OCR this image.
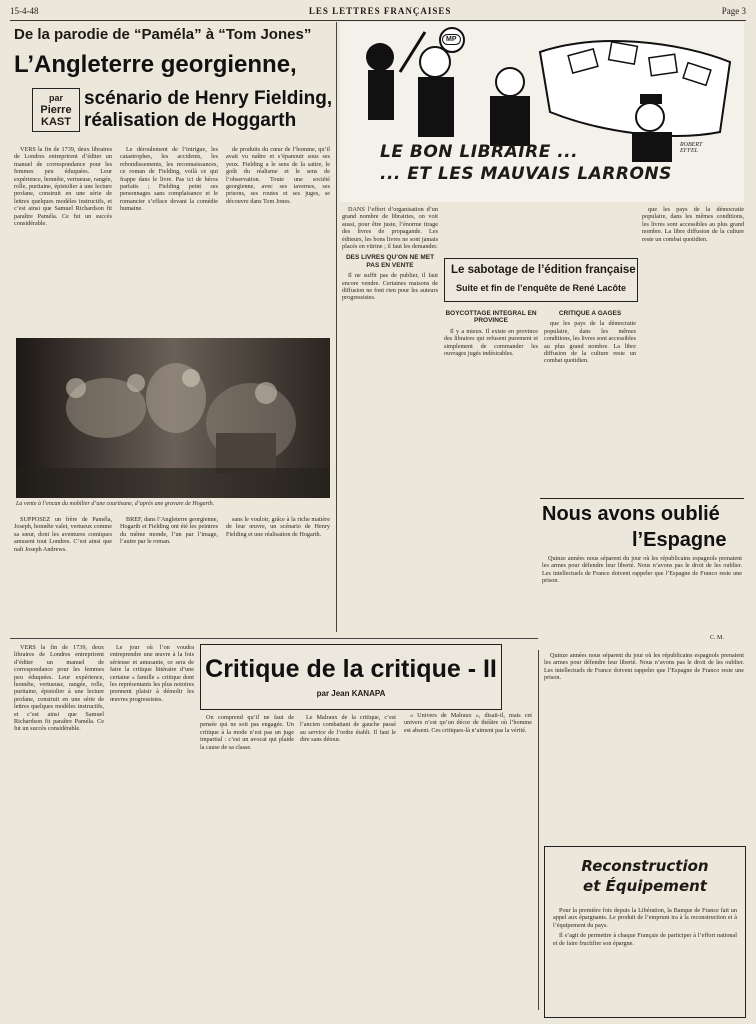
15-4-48	LES LETTRES FRANÇAISES	Page 3
De la parodie de “Paméla” à “Tom Jones”
L’Angleterre georgienne,
par
Pierre
KAST
scénario de Henry Fielding,
réalisation de Hoggarth

VERS la fin de 1739, deux libraires de Londres entreprirent d’éditer un manuel de correspondance pour les femmes peu éduquées. Leur expérience, honnête, vertueuse, rangée, rolle, puritaine, épistolier à une lecture profane, construit en une série de lettres quelques modèles instructifs, et c’est ainsi que Samuel Richardson fit paraître Paméla. Ce fut un succès considérable.

Le déroulement de l’intrigue, les catastrophes, les accidents, les rebondissements, les reconnaissances, ce roman de Fielding, voilà ce qui frappe dans le livre. Pas ici de héros parfaits ; Fielding peint ses personnages sans complaisance et le romancier s’efface devant la comédie humaine.

de produits du cœur de l’homme, qu’il avait vu naître et s’épanouir sous ses yeux. Fielding a le sens de la satire, le goût du réalisme et le sens de l’observation. Toute une société georgienne, avec ses tavernes, ses prisons, ses routes et ses juges, se découvre dans Tom Jones.

La vente à l’encan du mobilier d’une courtisane, d’après une gravure de Hogarth.

SUPPOSEZ un frère de Paméla, Joseph, honnête valet, vertueux comme sa sœur, dont les aventures comiques amusent tout Londres. C’est ainsi que naît Joseph Andrews.

BREF, dans l’Angleterre georgienne, Hogarth et Fielding ont été les peintres du même monde, l’un par l’image, l’autre par le roman.

sans le vouloir, grâce à la riche matière de leur œuvre, un scénario de Henry Fielding et une réalisation de Hogarth.

MP
LE BON LIBRAIRE ...
... ET LES MAUVAIS LARRONS
ROBERT EFFEL

DANS l’effort d’organisation d’un grand nombre de librairies, on voit aussi, pour être juste, l’énorme tirage des livres de propagande. Les éditeurs, les bons livres ne sont jamais placés en vitrine ; il faut les demander.

DES LIVRES QU’ON NE MET PAS EN VENTE

Il ne suffit pas de publier, il faut encore vendre. Certaines maisons de diffusion ne font rien pour les auteurs progressistes.

Le sabotage de l’édition française
Suite et fin de l’enquête de René Lacôte
BOYCOTTAGE INTEGRAL EN PROVINCE

Il y a mieux. Il existe en province des libraires qui refusent purement et simplement de commander les ouvrages jugés indésirables.

CRITIQUE A GAGES

que les pays de la démocratie populaire, dans les mêmes conditions, les livres sont accessibles au plus grand nombre. La libre diffusion de la culture reste un combat quotidien.

que les pays de la démocratie populaire, dans les mêmes conditions, les livres sont accessibles au plus grand nombre. La libre diffusion de la culture reste un combat quotidien.

Nous avons oublié
l’Espagne

Quinze années nous séparent du jour où les républicains espagnols prenaient les armes pour défendre leur liberté. Nous n’avons pas le droit de les oublier. Les intellectuels de France doivent rappeler que l’Espagne de Franco reste une prison.

C. M.
Critique de la critique - II
par Jean KANAPA

Le jour où l’on voudra entreprendre une œuvre à la fois sérieuse et amusante, ce sera de faire la critique littéraire d’une certaine « famille » critique dont les représentants les plus notoires prennent plaisir à démolir les œuvres progressistes.

On comprend qu’il ne faut de pensée qui ne soit pas engagée. Un critique à la mode n’est pas un juge impartial : c’est un avocat qui plaide la cause de sa classe.

Le Malraux de la critique, c’est l’ancien combattant de gauche passé au service de l’ordre établi. Il faut le dire sans détour.

« Univers de Malraux », disait-il, mais cet univers n’est qu’un décor de théâtre où l’homme est absent. Ces critiques-là n’aiment pas la vérité.

Reconstruction
et Équipement

Pour la première fois depuis la Libération, la Banque de France fait un appel aux épargnants. Le produit de l’emprunt ira à la reconstruction et à l’équipement du pays.

Il s’agit de permettre à chaque Français de participer à l’effort national et de faire fructifier son épargne.

Quinze années nous séparent du jour où les républicains espagnols prenaient les armes pour défendre leur liberté. Nous n’avons pas le droit de les oublier. Les intellectuels de France doivent rappeler que l’Espagne de Franco reste une prison.

VERS la fin de 1739, deux libraires de Londres entreprirent d’éditer un manuel de correspondance pour les femmes peu éduquées. Leur expérience, honnête, vertueuse, rangée, rolle, puritaine, épistolier à une lecture profane, construit en une série de lettres quelques modèles instructifs, et c’est ainsi que Samuel Richardson fit paraître Paméla. Ce fut un succès considérable.
